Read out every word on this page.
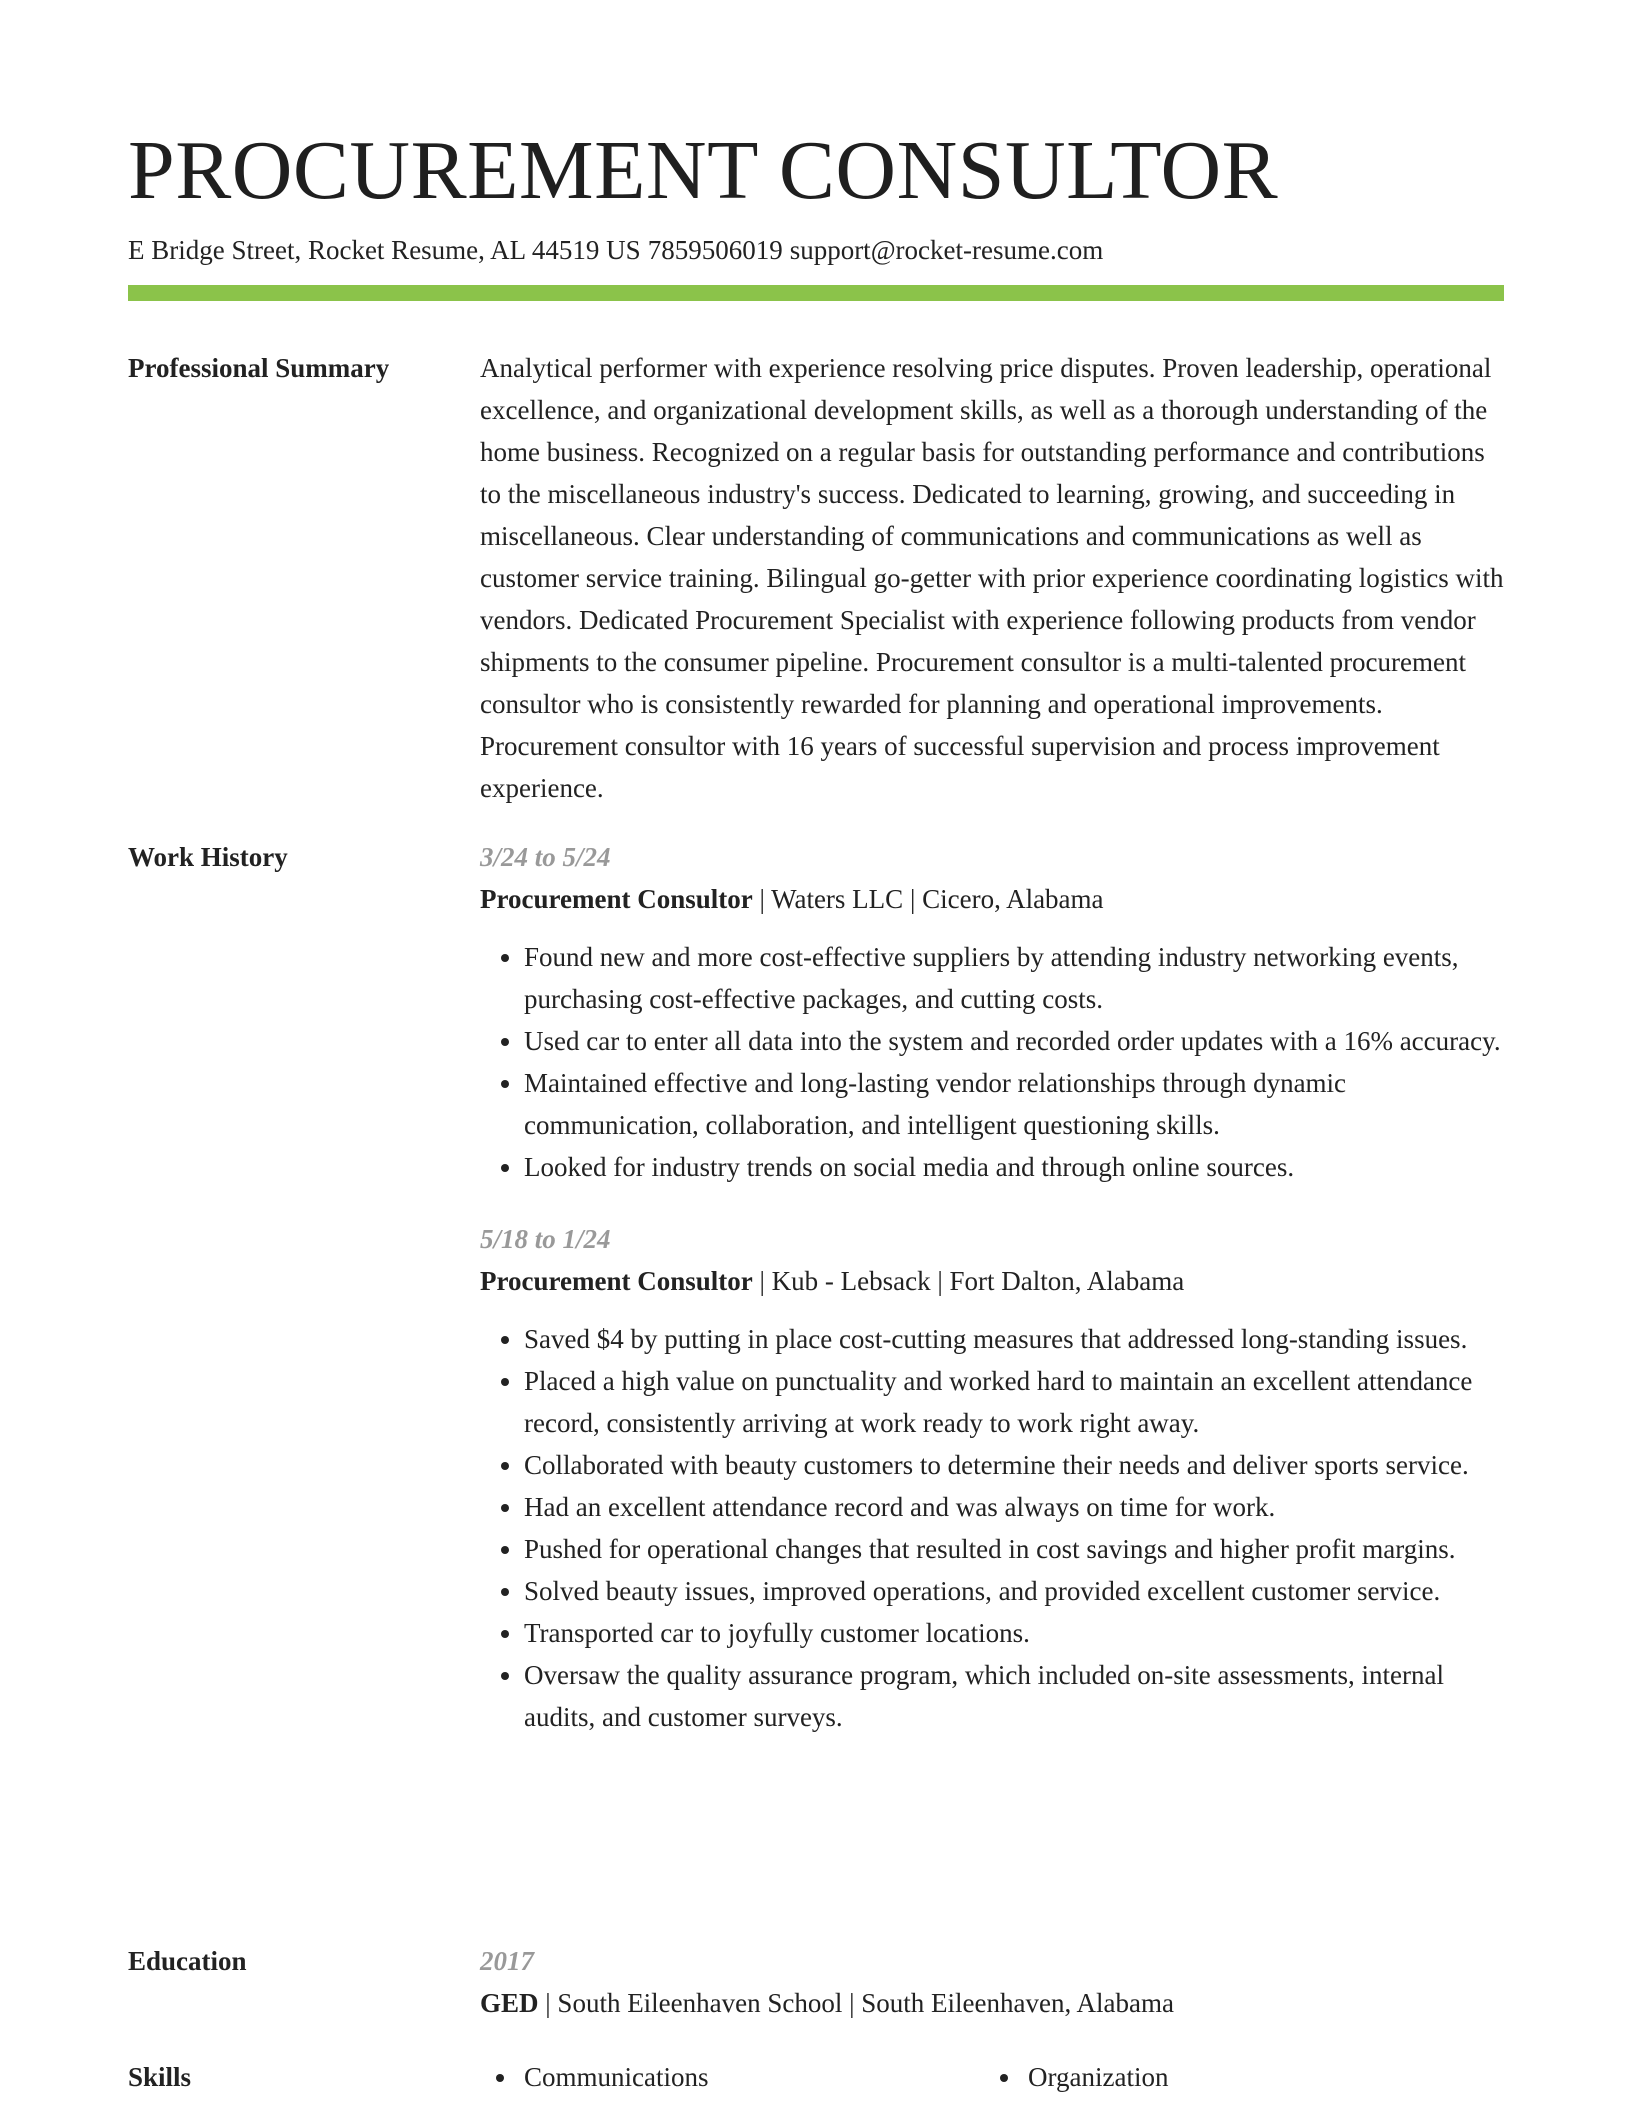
PROCUREMENT CONSULTOR
E Bridge Street, Rocket Resume, AL 44519 US 7859506019 support@rocket-resume.com
Professional Summary	Analytical performer with experience resolving price disputes. Proven leadership, operational excellence, and organizational development skills, as well as a thorough understanding of the home business. Recognized on a regular basis for outstanding performance and contributions to the miscellaneous industry's success. Dedicated to learning, growing, and succeeding in miscellaneous. Clear understanding of communications and communications as well as customer service training. Bilingual go-getter with prior experience coordinating logistics with vendors. Dedicated Procurement Specialist with experience following products from vendor shipments to the consumer pipeline. Procurement consultor is a multi-talented procurement consultor who is consistently rewarded for planning and operational improvements. Procurement consultor with 16 years of successful supervision and process improvement experience.

Work History	3/24 to 5/24
Procurement Consultor | Waters LLC | Cicero, Alabama
• Found new and more cost-effective suppliers by attending industry networking events, purchasing cost-effective packages, and cutting costs.
• Used car to enter all data into the system and recorded order updates with a 16% accuracy.
• Maintained effective and long-lasting vendor relationships through dynamic communication, collaboration, and intelligent questioning skills.
• Looked for industry trends on social media and through online sources.
5/18 to 1/24
Procurement Consultor | Kub - Lebsack | Fort Dalton, Alabama
• Saved $4 by putting in place cost-cutting measures that addressed long-standing issues.
• Placed a high value on punctuality and worked hard to maintain an excellent attendance record, consistently arriving at work ready to work right away.
• Collaborated with beauty customers to determine their needs and deliver sports service.
• Had an excellent attendance record and was always on time for work.
• Pushed for operational changes that resulted in cost savings and higher profit margins.
• Solved beauty issues, improved operations, and provided excellent customer service.
• Transported car to joyfully customer locations.
• Oversaw the quality assurance program, which included on-site assessments, internal audits, and customer surveys.
Education	2017
GED | South Eileenhaven School | South Eileenhaven, Alabama
Skills	Communications	Organization
